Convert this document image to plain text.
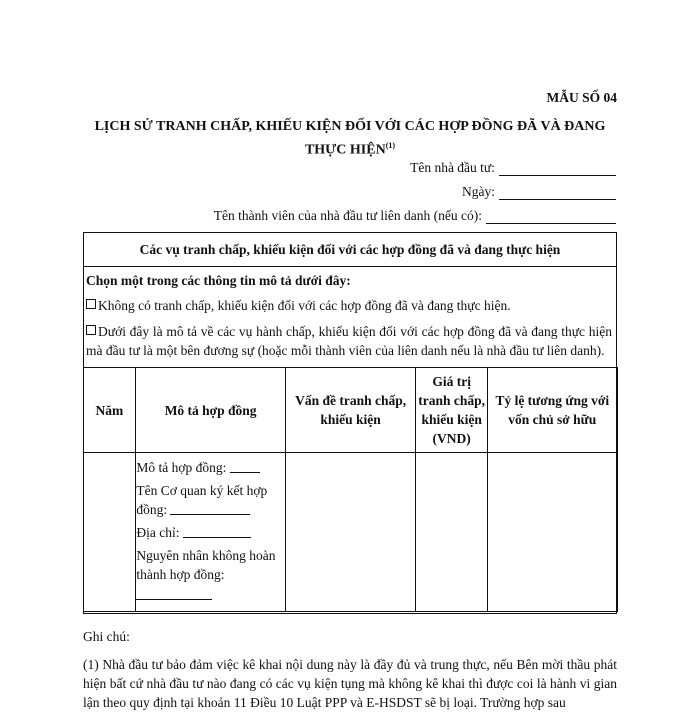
MẪU SỐ 04
LỊCH SỬ TRANH CHẤP, KHIẾU KIỆN ĐỐI VỚI CÁC HỢP ĐỒNG ĐÃ VÀ ĐANG THỰC HIỆN$^{(1)}$
Tên nhà đầu tư:
Ngày:
Tên thành viên của nhà đầu tư liên danh (nếu có):
Các vụ tranh chấp, khiếu kiện đối với các hợp đồng đã và đang thực hiện
Chọn một trong các thông tin mô tả dưới đây:
Không có tranh chấp, khiếu kiện đối với các hợp đồng đã và đang thực hiện.
Dưới đây là mô tả về các vụ hành chấp, khiếu kiện đối với các hợp đồng đã và đang thực hiện mà đầu tư là một bên đương sự (hoặc mỗi thành viên của liên danh nếu là nhà đầu tư liên danh).
Năm	Mô tả hợp đồng	Vấn đề tranh chấp, khiếu kiện	Giá trị tranh chấp, khiếu kiện (VND)	Tỷ lệ tương ứng với vốn chủ sở hữu

	Mô tả hợp đồng:
Tên Cơ quan ký kết hợp đồng:
Địa chỉ:
Nguyên nhân không hoàn thành hợp đồng:			

Ghi chú:
(1) Nhà đầu tư bảo đảm việc kê khai nội dung này là đầy đủ và trung thực, nếu Bên mời thầu phát hiện bất cứ nhà đầu tư nào đang có các vụ kiện tụng mà không kê khai thì được coi là hành vi gian lận theo quy định tại khoản 11 Điều 10 Luật PPP và E-HSDST sẽ bị loại. Trường hợp sau
